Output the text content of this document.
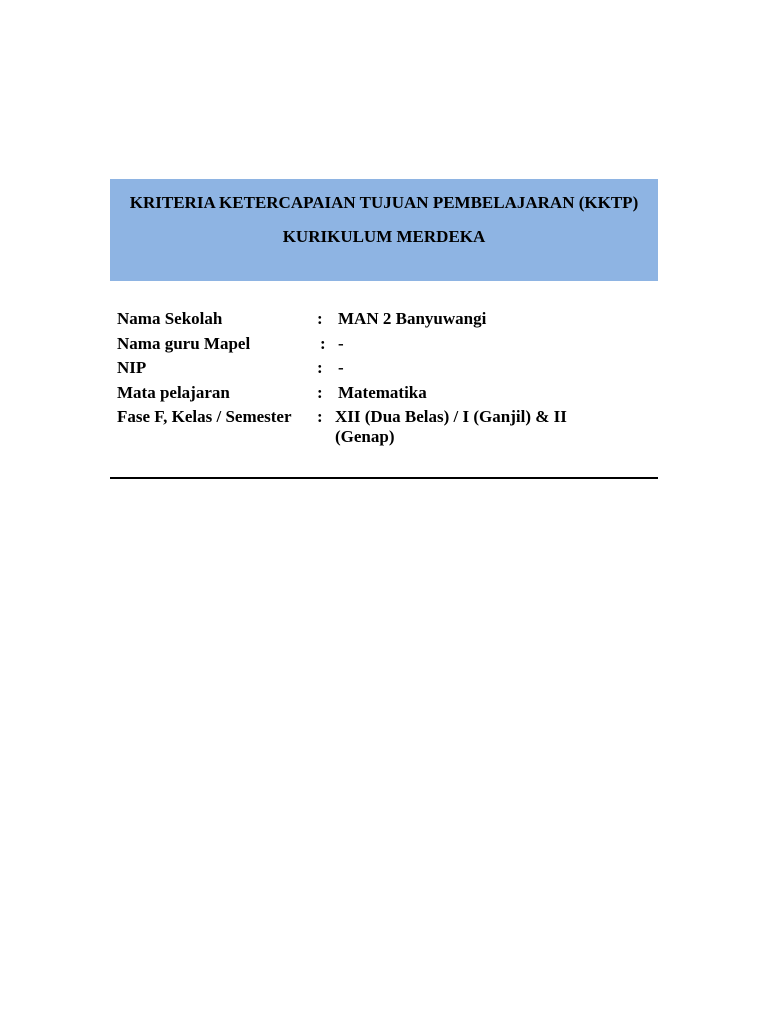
KRITERIA KETERCAPAIAN TUJUAN PEMBELAJARAN (KKTP)
KURIKULUM MERDEKA
Nama Sekolah	: MAN 2 Banyuwangi
Nama guru Mapel	: -
NIP	: -
Mata pelajaran	: Matematika
Fase F, Kelas / Semester	: XII (Dua Belas) / I (Ganjil) & II (Genap)
